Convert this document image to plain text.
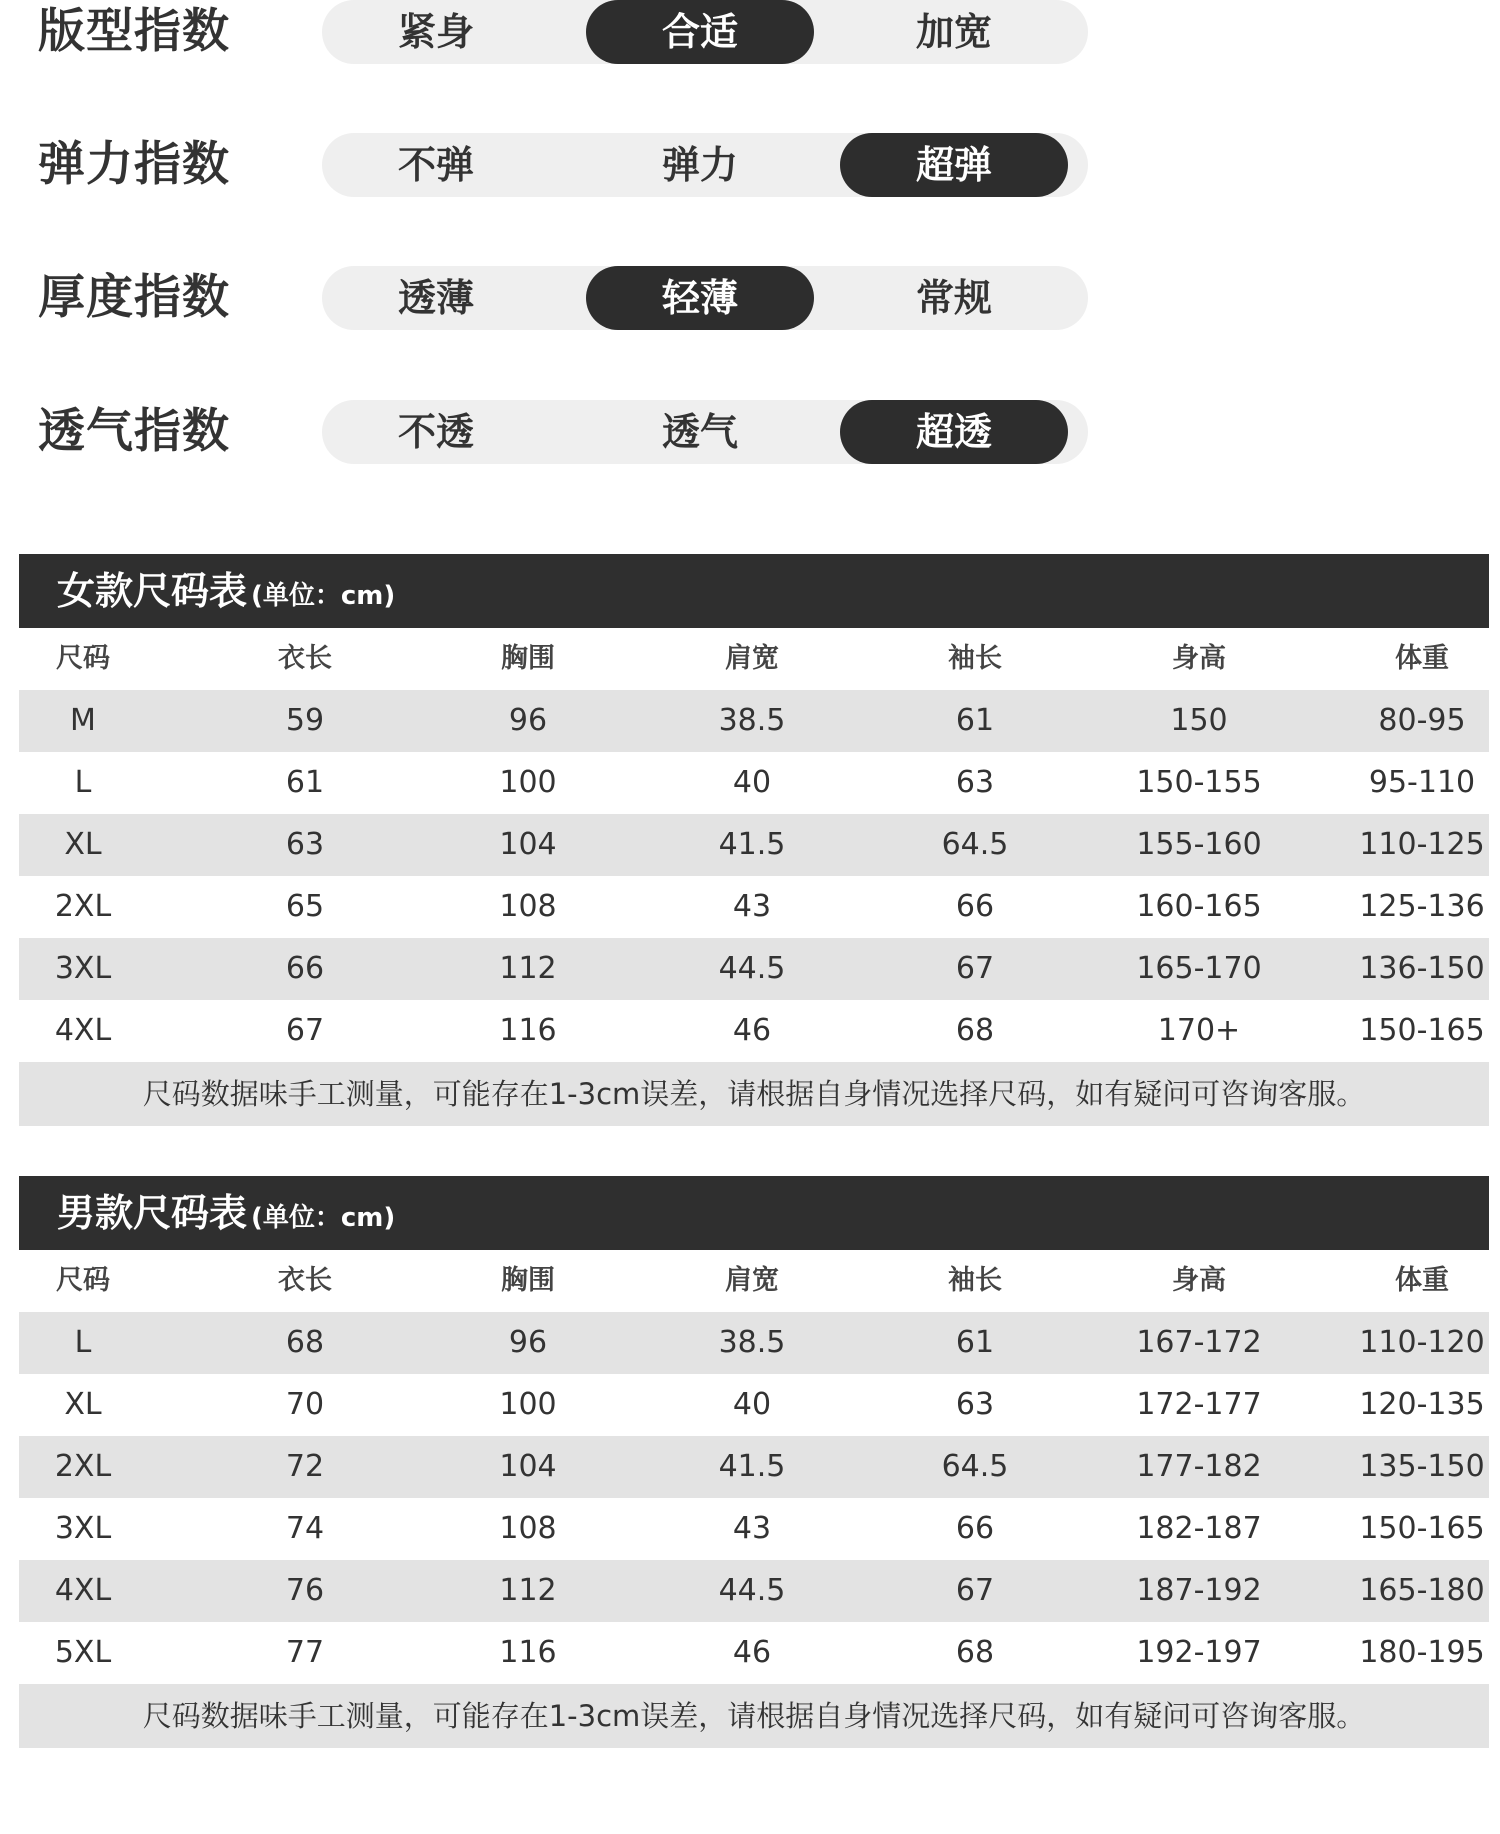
版型指数	紧身	合适	加宽
弹力指数	不弹	弹力	超弹
厚度指数	透薄	轻薄	常规
透气指数	不透	透气	超透
女款尺码表 (单位：cm)
尺码	衣长	胸围	肩宽	袖长	身高	体重
M	59	96	38.5	61	150	80-95
L	61	100	40	63	150-155	95-110
XL	63	104	41.5	64.5	155-160	110-125
2XL	65	108	43	66	160-165	125-136
3XL	66	112	44.5	67	165-170	136-150
4XL	67	116	46	68	170+	150-165
尺码数据味手工测量，可能存在1-3cm误差，请根据自身情况选择尺码，如有疑问可咨询客服。
男款尺码表 (单位：cm)
尺码	衣长	胸围	肩宽	袖长	身高	体重
L	68	96	38.5	61	167-172	110-120
XL	70	100	40	63	172-177	120-135
2XL	72	104	41.5	64.5	177-182	135-150
3XL	74	108	43	66	182-187	150-165
4XL	76	112	44.5	67	187-192	165-180
5XL	77	116	46	68	192-197	180-195
尺码数据味手工测量，可能存在1-3cm误差，请根据自身情况选择尺码，如有疑问可咨询客服。
